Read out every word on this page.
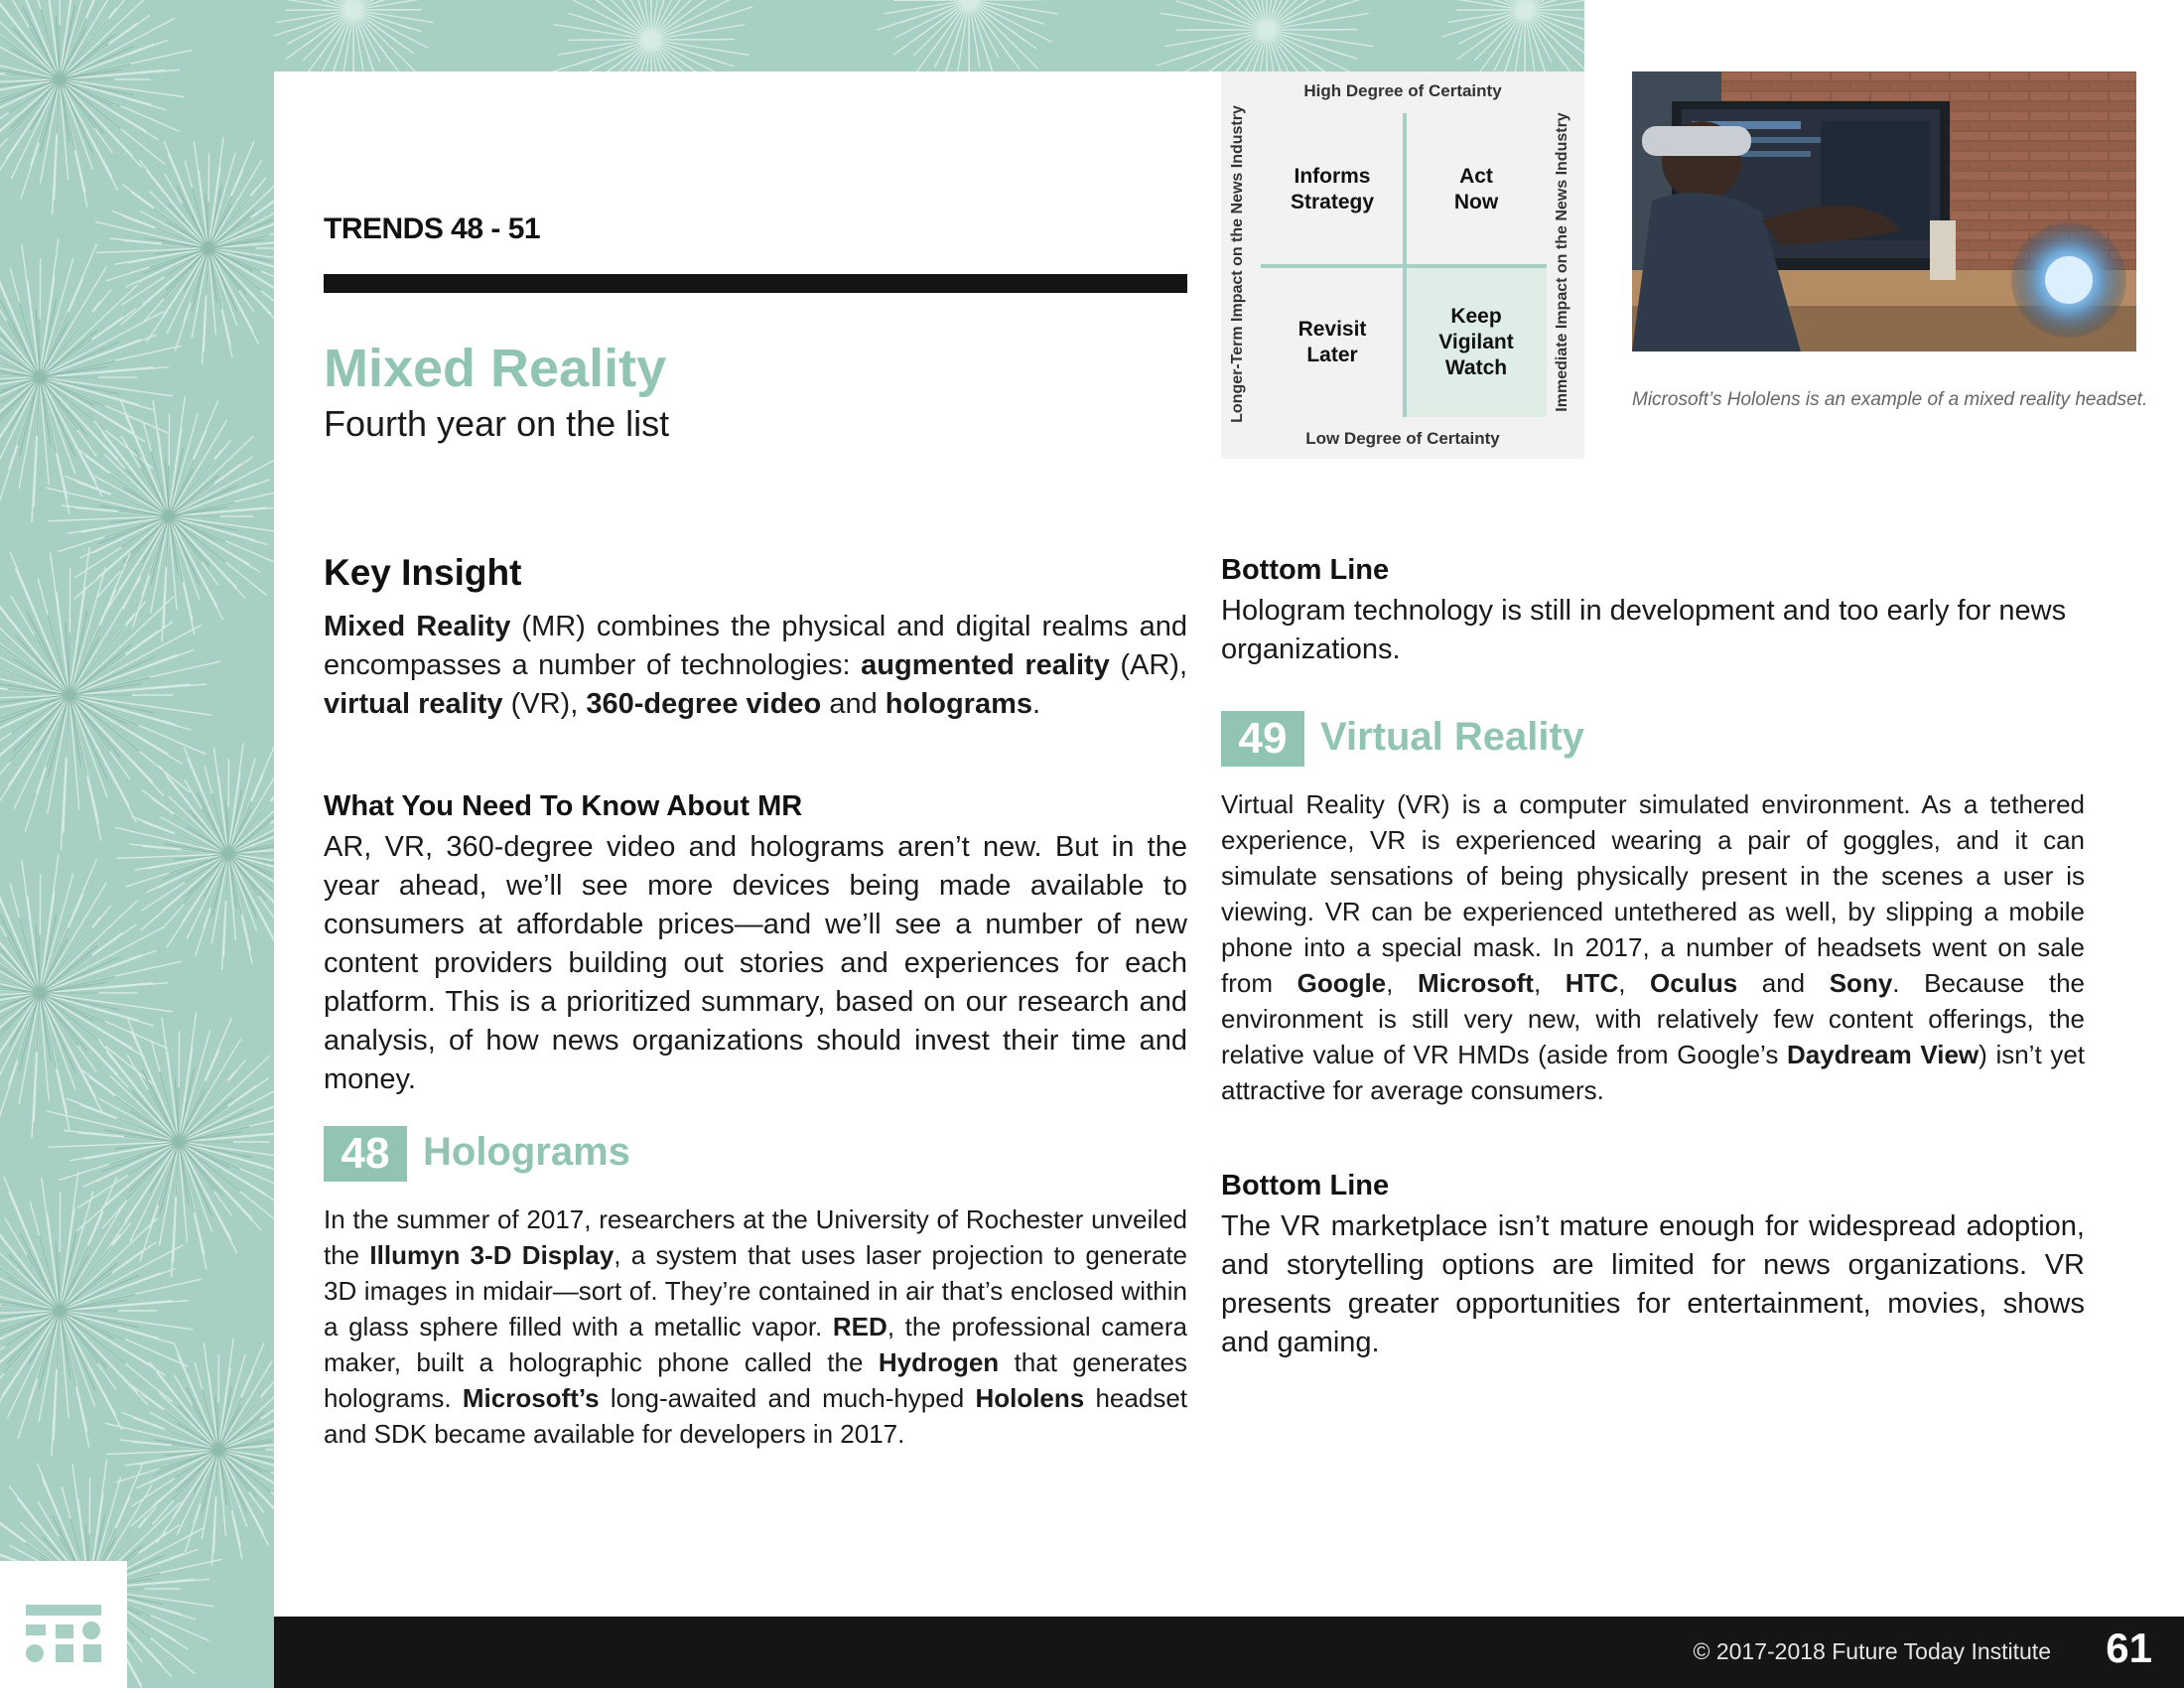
TRENDS 48 - 51
Mixed Reality
Fourth year on the list
High Degree of Certainty
Low Degree of Certainty
Longer-Term Impact on the News Industry	Immediate Impact on the News Industry
Keep
Vigilant
Watch
Informs
Strategy
Act
Now
Revisit
Later
Microsoft’s Hololens is an example of a mixed reality headset.
Key Insight
Mixed Reality (MR) combines the physical and digital realms and encompasses a number of technologies: augmented reality (AR), virtual reality (VR), 360-degree video and holograms.
What You Need To Know About MR
AR, VR, 360-degree video and holograms aren’t new. But in the year ahead, we’ll see more devices being made available to consumers at affordable prices—and we’ll see a number of new content providers building out stories and experiences for each platform. This is a prioritized summary, based on our research and analysis, of how news organizations should invest their time and money.
48 Holograms
In the summer of 2017, researchers at the University of Rochester unveiled the Illumyn 3-D Display, a system that uses laser projection to generate 3D images in midair—sort of. They’re contained in air that’s enclosed within a glass sphere filled with a metallic vapor. RED, the professional camera maker, built a holographic phone called the Hydrogen that generates holograms. Microsoft’s long-awaited and much-hyped Hololens headset and SDK became available for developers in 2017.
Bottom Line
Hologram technology is still in development and too early for news organizations.
49 Virtual Reality
Virtual Reality (VR) is a computer simulated environment. As a tethered experience, VR is experienced wearing a pair of goggles, and it can simulate sensations of being physically present in the scenes a user is viewing. VR can be experienced untethered as well, by slipping a mobile phone into a special mask. In 2017, a number of headsets went on sale from Google, Microsoft, HTC, Oculus and Sony. Because the environment is still very new, with relatively few content offerings, the relative value of VR HMDs (aside from Google’s Daydream View) isn’t yet attractive for average consumers.
Bottom Line
The VR marketplace isn’t mature enough for widespread adoption, and storytelling options are limited for news organizations. VR presents greater opportunities for entertainment, movies, shows and gaming.
© 2017-2018 Future Today Institute 61
